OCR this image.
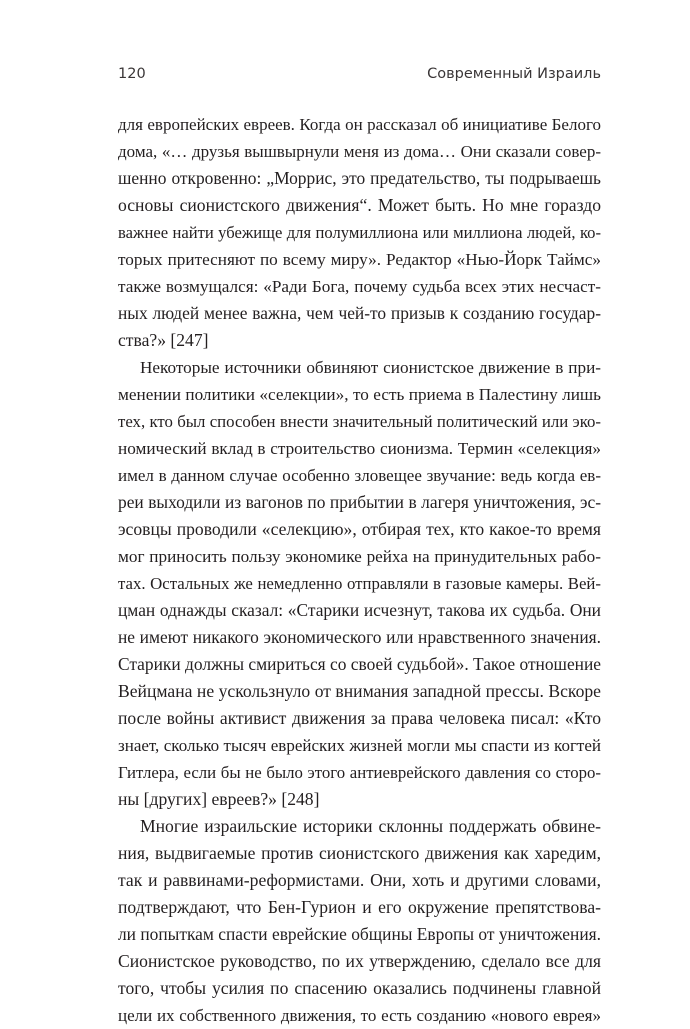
120	Современный Израиль
для европейских евреев. Когда он рассказал об инициативе Белого
дома, «… друзья вышвырнули меня из дома… Они сказали совер-
шенно откровенно: „Моррис, это предательство, ты подрываешь
основы сионистского движения“. Может быть. Но мне гораздо
важнее найти убежище для полумиллиона или миллиона людей, ко-
торых притесняют по всему миру». Редактор «Нью-Йорк Таймс»
также возмущался: «Ради Бога, почему судьба всех этих несчаст-
ных людей менее важна, чем чей-то призыв к созданию государ-
ства?» [247]
Некоторые источники обвиняют сионистское движение в при-
менении политики «селекции», то есть приема в Палестину лишь
тех, кто был способен внести значительный политический или эко-
номический вклад в строительство сионизма. Термин «селекция»
имел в данном случае особенно зловещее звучание: ведь когда ев-
реи выходили из вагонов по прибытии в лагеря уничтожения, эс-
эсовцы проводили «селекцию», отбирая тех, кто какое-то время
мог приносить пользу экономике рейха на принудительных рабо-
тах. Остальных же немедленно отправляли в газовые камеры. Вей-
цман однажды сказал: «Старики исчезнут, такова их судьба. Они
не имеют никакого экономического или нравственного значения.
Старики должны смириться со своей судьбой». Такое отношение
Вейцмана не ускользнуло от внимания западной прессы. Вскоре
после войны активист движения за права человека писал: «Кто
знает, сколько тысяч еврейских жизней могли мы спасти из когтей
Гитлера, если бы не было этого антиеврейского давления со сторо-
ны [других] евреев?» [248]
Многие израильские историки склонны поддержать обвине-
ния, выдвигаемые против сионистского движения как харедим,
так и раввинами-реформистами. Они, хоть и другими словами,
подтверждают, что Бен-Гурион и его окружение препятствова-
ли попыткам спасти еврейские общины Европы от уничтожения.
Сионистское руководство, по их утверждению, сделало все для
того, чтобы усилия по спасению оказались подчинены главной
цели их собственного движения, то есть созданию «нового еврея»
